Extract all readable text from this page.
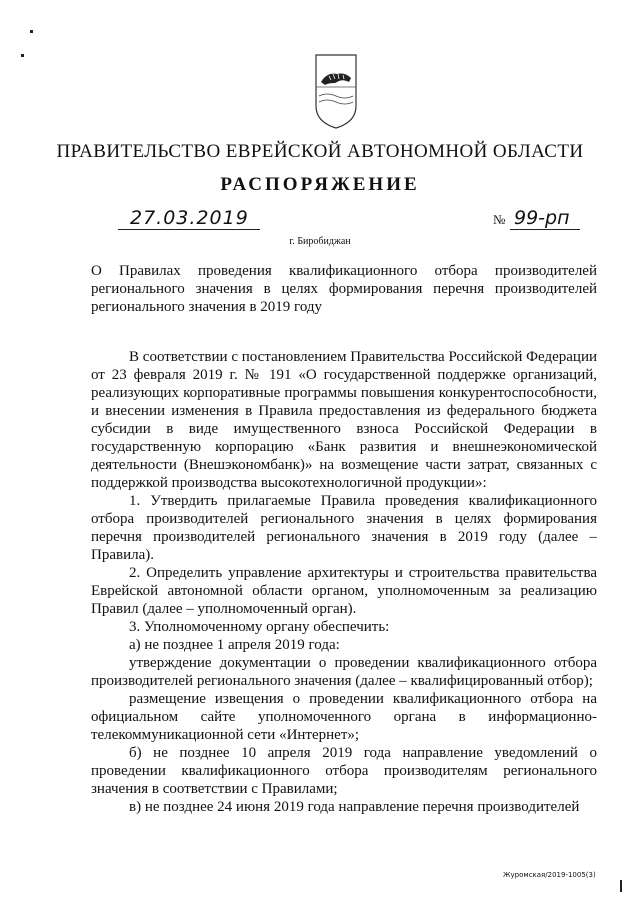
ПРАВИТЕЛЬСТВО ЕВРЕЙСКОЙ АВТОНОМНОЙ ОБЛАСТИ
РАСПОРЯЖЕНИЕ
27.03.2019	№ 99-рп
г. Биробиджан
О Правилах проведения квалификационного отбора производителей регионального значения в целях формирования перечня производителей регионального значения в 2019 году

В соответствии с постановлением Правительства Российской Федерации от 23 февраля 2019 г. № 191 «О государственной поддержке организаций, реализующих корпоративные программы повышения конкурентоспособности, и внесении изменения в Правила предоставления из федерального бюджета субсидии в виде имущественного взноса Российской Федерации в государственную корпорацию «Банк развития и внешнеэкономической деятельности (Внешэкономбанк)» на возмещение части затрат, связанных с поддержкой производства высокотехнологичной продукции»:

1. Утвердить прилагаемые Правила проведения квалификационного отбора производителей регионального значения в целях формирования перечня производителей регионального значения в 2019 году (далее – Правила).

2. Определить управление архитектуры и строительства правительства Еврейской автономной области органом, уполномоченным за реализацию Правил (далее – уполномоченный орган).

3. Уполномоченному органу обеспечить:

а) не позднее 1 апреля 2019 года:

утверждение документации о проведении квалификационного отбора производителей регионального значения (далее – квалифицированный отбор);

размещение извещения о проведении квалификационного отбора на официальном сайте уполномоченного органа в информационно-телекоммуникационной сети «Интернет»;

б) не позднее 10 апреля 2019 года направление уведомлений о проведении квалификационного отбора производителям регионального значения в соответствии с Правилами;

в) не позднее 24 июня 2019 года направление перечня производителей

Журомская/2019-1005(3)
